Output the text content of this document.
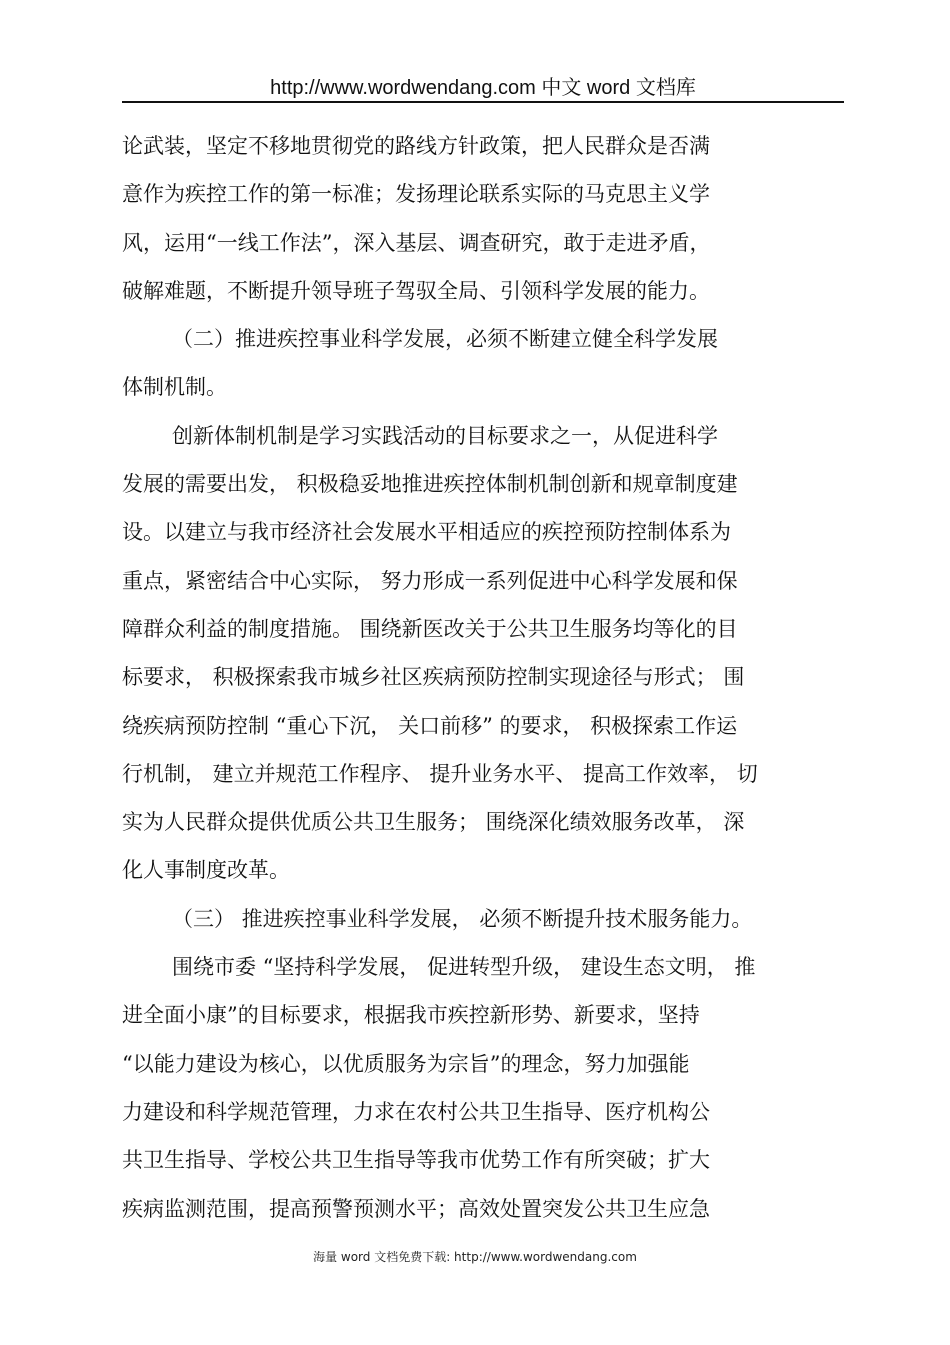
http://www.wordwendang.com 中文 word 文档库
论武装，坚定不移地贯彻党的路线方针政策，把人民群众是否满
意作为疾控工作的第一标准；发扬理论联系实际的马克思主义学
风，运用“一线工作法”，深入基层、调查研究，敢于走进矛盾，
破解难题，不断提升领导班子驾驭全局、引领科学发展的能力。
（二）推进疾控事业科学发展，必须不断建立健全科学发展
体制机制。
创新体制机制是学习实践活动的目标要求之一，从促进科学
发展的需要出发， 积极稳妥地推进疾控体制机制创新和规章制度建
设。以建立与我市经济社会发展水平相适应的疾控预防控制体系为
重点，紧密结合中心实际， 努力形成一系列促进中心科学发展和保
障群众利益的制度措施。 围绕新医改关于公共卫生服务均等化的目
标要求， 积极探索我市城乡社区疾病预防控制实现途径与形式； 围
绕疾病预防控制 “重心下沉， 关口前移” 的要求， 积极探索工作运
行机制， 建立并规范工作程序、 提升业务水平、 提高工作效率， 切
实为人民群众提供优质公共卫生服务； 围绕深化绩效服务改革， 深
化人事制度改革。
（三） 推进疾控事业科学发展， 必须不断提升技术服务能力。
围绕市委 “坚持科学发展， 促进转型升级， 建设生态文明， 推
进全面小康”的目标要求，根据我市疾控新形势、新要求，坚持
“以能力建设为核心，以优质服务为宗旨”的理念，努力加强能
力建设和科学规范管理，力求在农村公共卫生指导、医疗机构公
共卫生指导、学校公共卫生指导等我市优势工作有所突破；扩大
疾病监测范围，提高预警预测水平；高效处置突发公共卫生应急
海量 word 文档免费下载: http://www.wordwendang.com
